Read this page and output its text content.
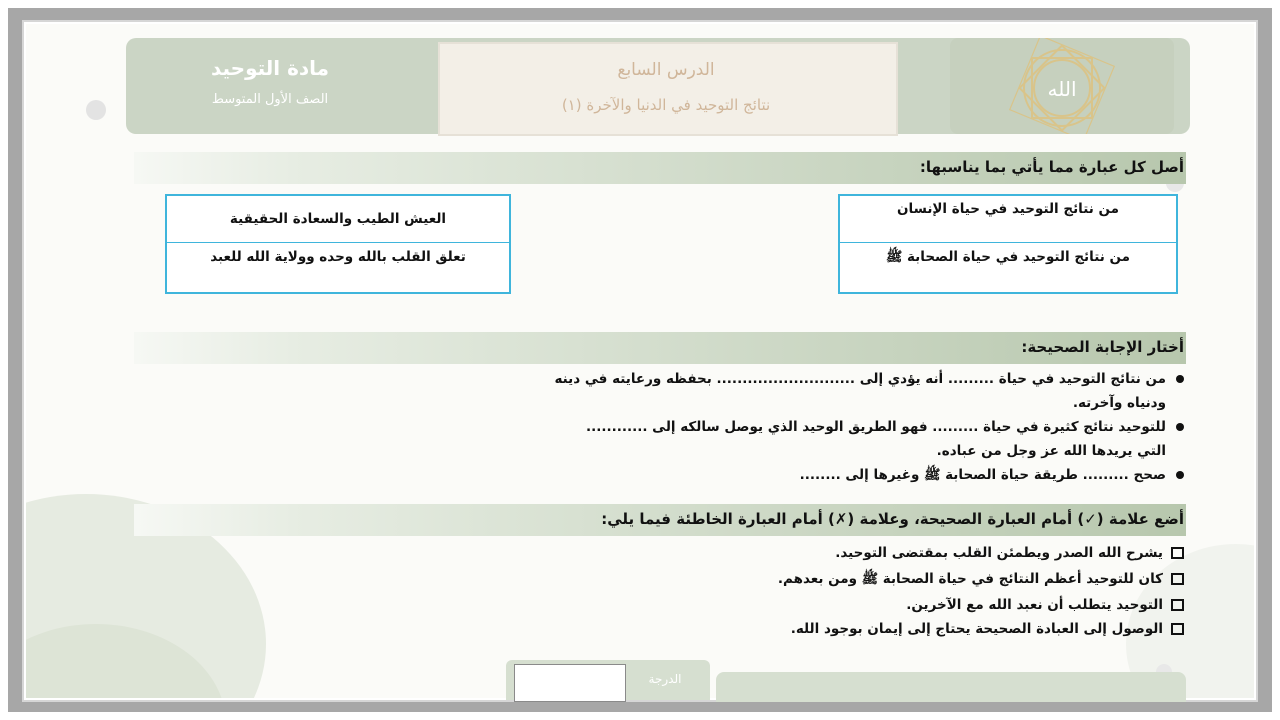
مادة التوحيد
الصف الأول المتوسط
الدرس السابع
نتائج التوحيد في الدنيا والآخرة (١)
الله
أصل كل عبارة مما يأتي بما يناسبها:
من نتائج التوحيد في حياة الإنسان
من نتائج التوحيد في حياة الصحابة ﷺ
العيش الطيب والسعادة الحقيقية
تعلق القلب بالله وحده وولاية الله للعبد
أختار الإجابة الصحيحة:
من نتائج التوحيد في حياة ......... أنه يؤدي إلى ........................... بحفظه ورعايته في دينه
ودنياه وآخرته.
للتوحيد نتائج كثيرة في حياة ......... فهو الطريق الوحيد الذي يوصل سالكه إلى ............
التي يريدها الله عز وجل من عباده.
صحح ......... طريقة حياة الصحابة ﷺ وغيرها إلى ........
أضع علامة (✓) أمام العبارة الصحيحة، وعلامة (✗) أمام العبارة الخاطئة فيما يلي:
يشرح الله الصدر ويطمئن القلب بمقتضى التوحيد.
كان للتوحيد أعظم النتائج في حياة الصحابة ﷺ ومن بعدهم.
التوحيد يتطلب أن نعبد الله مع الآخرين.
الوصول إلى العبادة الصحيحة يحتاج إلى إيمان بوجود الله.
الدرجة
